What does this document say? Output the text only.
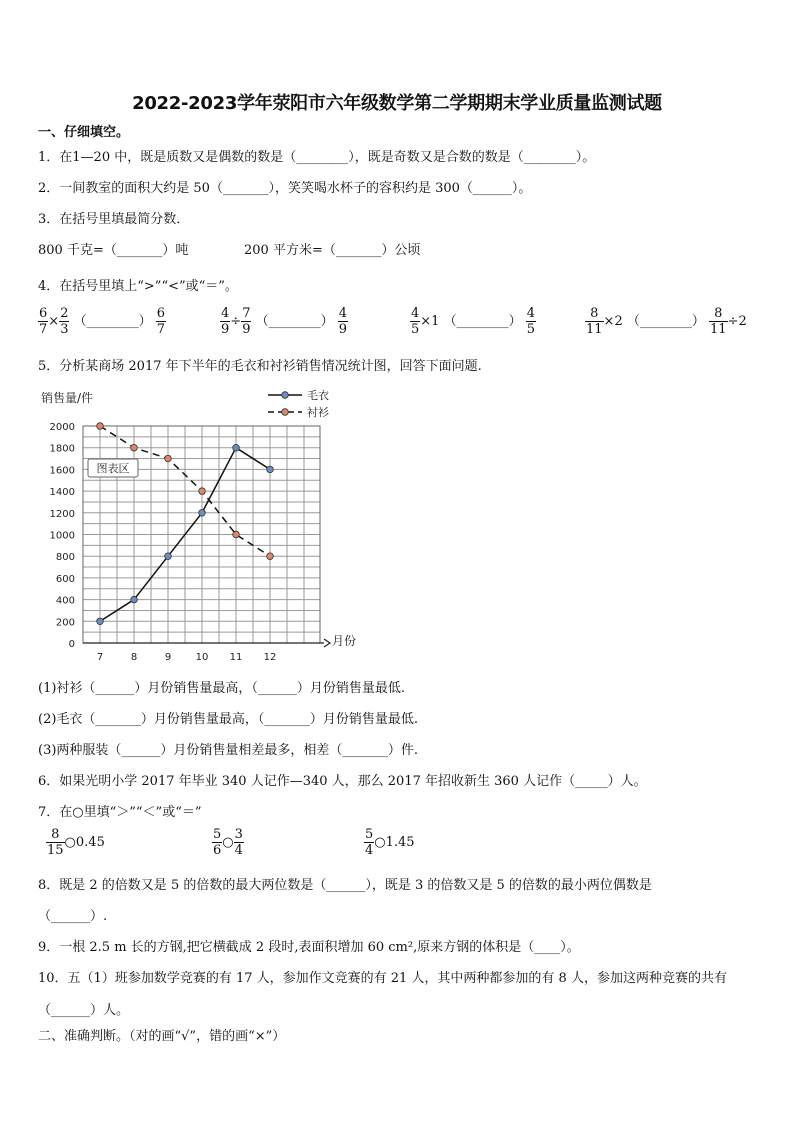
2022-2023学年荥阳市六年级数学第二学期期末学业质量监测试题
一、仔细填空。
1．在1—20 中，既是质数又是偶数的数是（________），既是奇数又是合数的数是（________）。
2．一间教室的面积大约是 50（_______），笑笑喝水杯子的容积约是 300（______）。
3．在括号里填最简分数．
800 千克=（_______）吨	200 平方米=（_______）公顷
4．在括号里填上“>”“<”或“＝”。
$\frac{6}{7} \times \frac{2}{3}$ （________） $\frac{6}{7}$	$\frac{4}{9} \div \frac{7}{9}$ （________） $\frac{4}{9}$	$\frac{4}{5} \times 1$ （________） $\frac{4}{5}$	$\frac{8}{11} \times 2$ （________） $\frac{8}{11} \div 2$
5．分析某商场 2017 年下半年的毛衣和衬衫销售情况统计图，回答下面问题.
0
200
400
600
800
1000
1200
1400
1600
1800
2000
7	8	9 10 11 12
销售量/件
月份
图表区
毛衣
衬衫
(1)衬衫（______）月份销售量最高，（______）月份销售量最低.
(2)毛衣（_______）月份销售量最高，（_______）月份销售量最低.
(3)两种服装（______）月份销售量相差最多，相差（_______）件.
6．如果光明小学 2017 年毕业 340 人记作—340 人，那么 2017 年招收新生 360 人记作（_____）人。
7．在○里填“＞”“＜”或“＝”
$\frac{8}{15}$ ○0.45	$\frac{5}{6}$ ○ $\frac{3}{4}$	$\frac{5}{4}$ ○1.45
8．既是 2 的倍数又是 5 的倍数的最大两位数是（______），既是 3 的倍数又是 5 的倍数的最小两位偶数是
（______）.
9．一根 2.5 m 长的方钢,把它横截成 2 段时,表面积增加 60 cm²,原来方钢的体积是（____）。
10．五（1）班参加数学竞赛的有 17 人，参加作文竞赛的有 21 人，其中两种都参加的有 8 人，参加这两种竞赛的共有
（______）人。
二、准确判断。（对的画“√”，错的画“×”）
